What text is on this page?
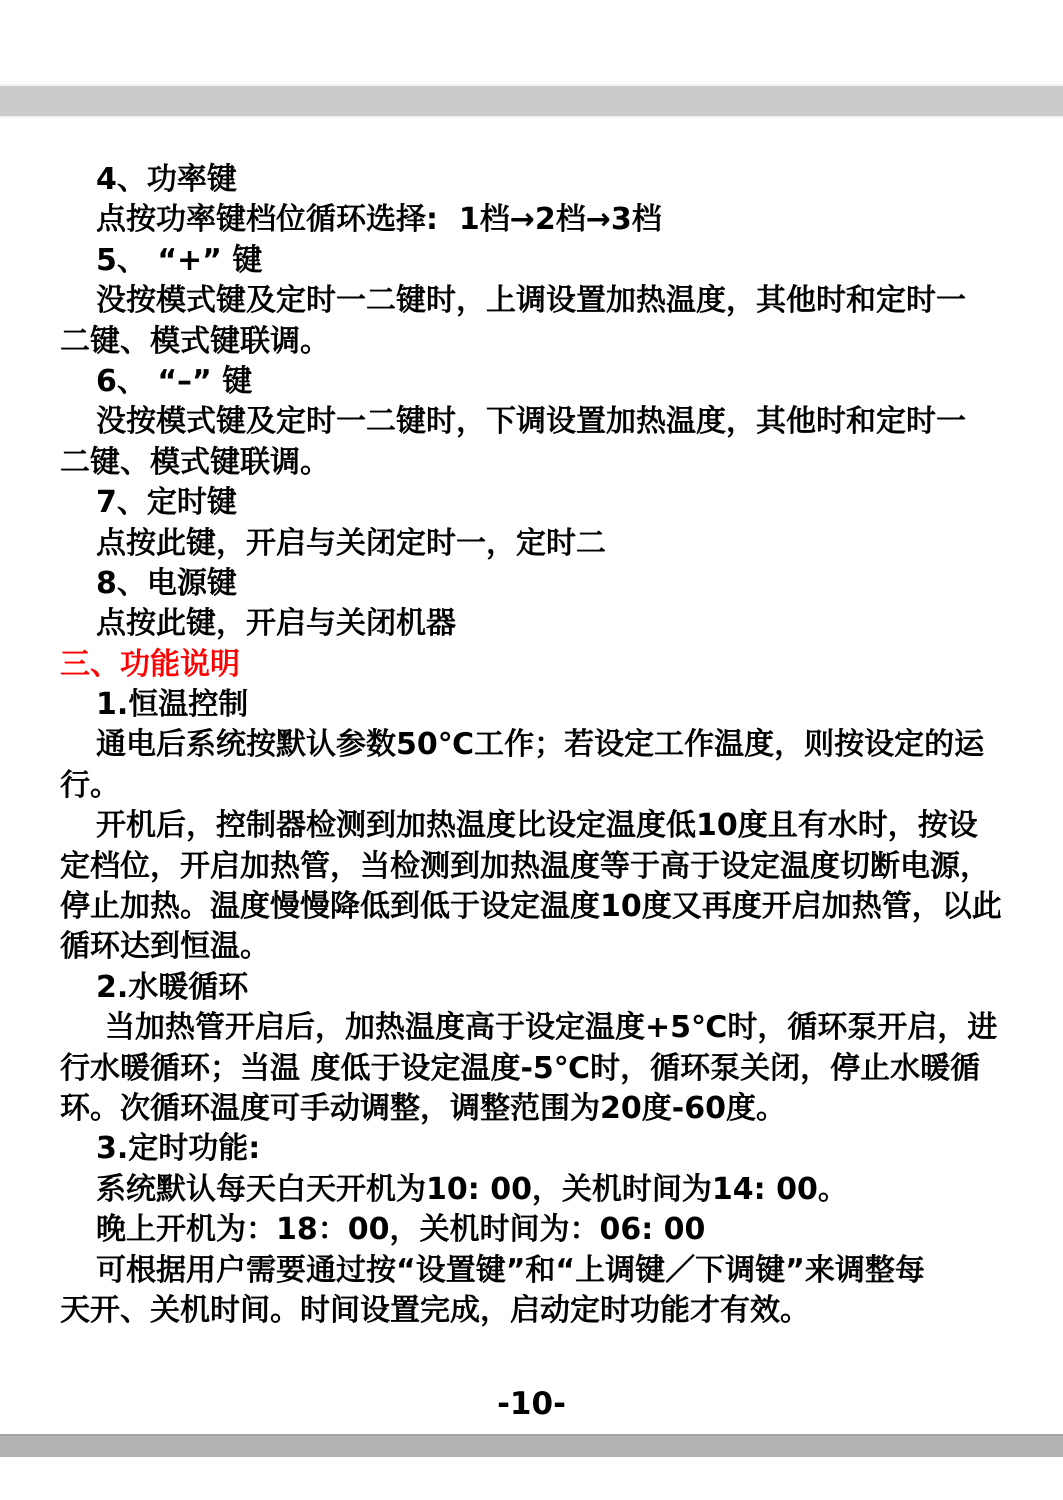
4、功率键
点按功率键档位循环选择:  1档→2档→3档
5、 “+” 键
没按模式键及定时一二键时，上调设置加热温度，其他时和定时一
二键、模式键联调。
6、 “–” 键
没按模式键及定时一二键时，下调设置加热温度，其他时和定时一
二键、模式键联调。
7、定时键
点按此键，开启与关闭定时一，定时二
8、电源键
点按此键，开启与关闭机器
三、功能说明
1.恒温控制
通电后系统按默认参数50℃工作；若设定工作温度，则按设定的运
行。
开机后，控制器检测到加热温度比设定温度低10度且有水时，按设
定档位，开启加热管，当检测到加热温度等于高于设定温度切断电源，
停止加热。温度慢慢降低到低于设定温度10度又再度开启加热管，以此
循环达到恒温。
2.水暖循环
当加热管开启后，加热温度高于设定温度+5℃时，循环泵开启，进
行水暖循环；当温 度低于设定温度-5℃时，循环泵关闭，停止水暖循
环。次循环温度可手动调整，调整范围为20度-60度。
3.定时功能:
系统默认每天白天开机为10: 00，关机时间为14: 00。
晚上开机为：18：00，关机时间为：06: 00
可根据用户需要通过按“设置键”和“上调键／下调键”来调整每
天开、关机时间。时间设置完成，启动定时功能才有效。
-10-
